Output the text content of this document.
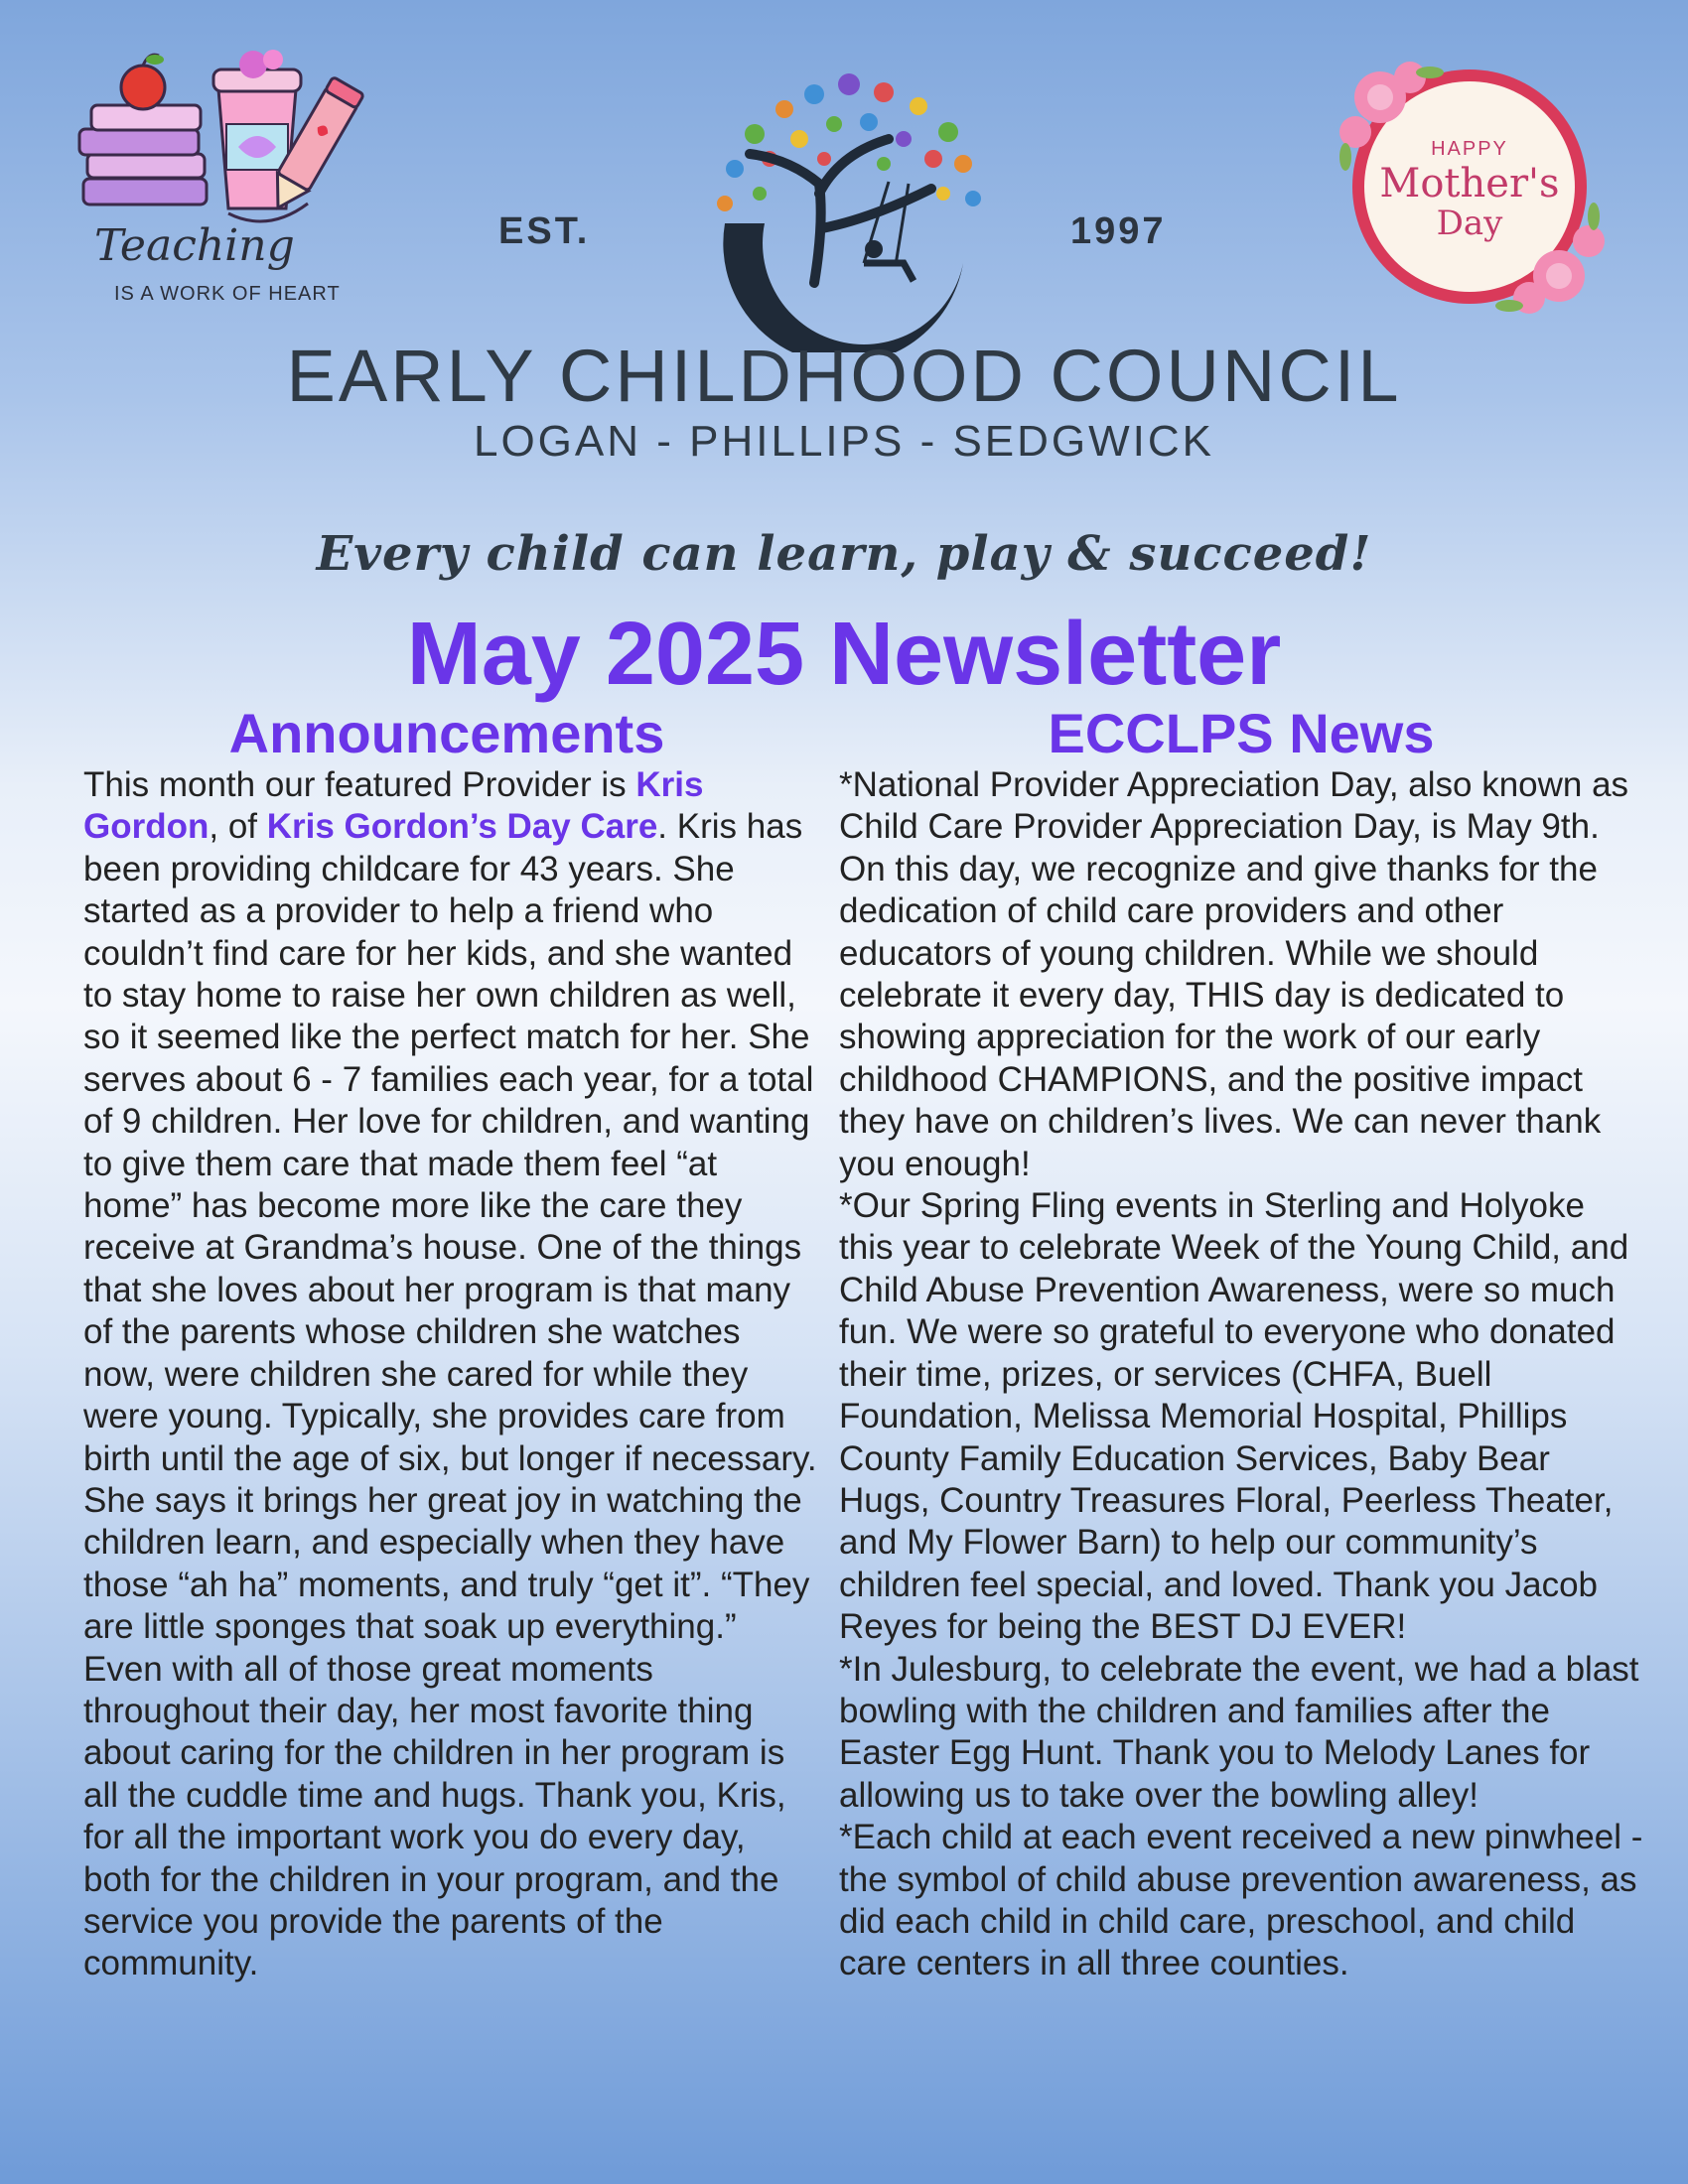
Teaching
IS A WORK OF HEART
EST.	1997
HAPPY
Mother's
Day
EARLY CHILDHOOD COUNCIL
LOGAN - PHILLIPS - SEDGWICK
Every child can learn, play & succeed!
May 2025 Newsletter
Announcements	ECCLPS News
This month our featured Provider is Kris Gordon, of Kris Gordon’s Day Care. Kris has been providing childcare for 43 years. She started as a provider to help a friend who couldn’t find care for her kids, and she wanted to stay home to raise her own children as well, so it seemed like the perfect match for her. She serves about 6 - 7 families each year, for a total of 9 children. Her love for children, and wanting to give them care that made them feel “at home” has become more like the care they receive at Grandma’s house. One of the things that she loves about her program is that many of the parents whose children she watches now, were children she cared for while they were young. Typically, she provides care from birth until the age of six, but longer if necessary. She says it brings her great joy in watching the children learn, and especially when they have those “ah ha” moments, and truly “get it”. “They are little sponges that soak up everything.” Even with all of those great moments throughout their day, her most favorite thing about caring for the children in her program is all the cuddle time and hugs. Thank you, Kris, for all the important work you do every day, both for the children in your program, and the service you provide the parents of the community.
*National Provider Appreciation Day, also known as Child Care Provider Appreciation Day, is May 9th. On this day, we recognize and give thanks for the dedication of child care providers and other educators of young children. While we should celebrate it every day, THIS day is dedicated to showing appreciation for the work of our early childhood CHAMPIONS, and the positive impact they have on children’s lives. We can never thank you enough!
*Our Spring Fling events in Sterling and Holyoke this year to celebrate Week of the Young Child, and Child Abuse Prevention Awareness, were so much fun. We were so grateful to everyone who donated their time, prizes, or services (CHFA, Buell Foundation, Melissa Memorial Hospital, Phillips County Family Education Services, Baby Bear Hugs, Country Treasures Floral, Peerless Theater, and My Flower Barn) to help our community’s children feel special, and loved. Thank you Jacob Reyes for being the BEST DJ EVER!
*In Julesburg, to celebrate the event, we had a blast bowling with the children and families after the Easter Egg Hunt. Thank you to Melody Lanes for allowing us to take over the bowling alley!
*Each child at each event received a new pinwheel - the symbol of child abuse prevention awareness, as did each child in child care, preschool, and child care centers in all three counties.
